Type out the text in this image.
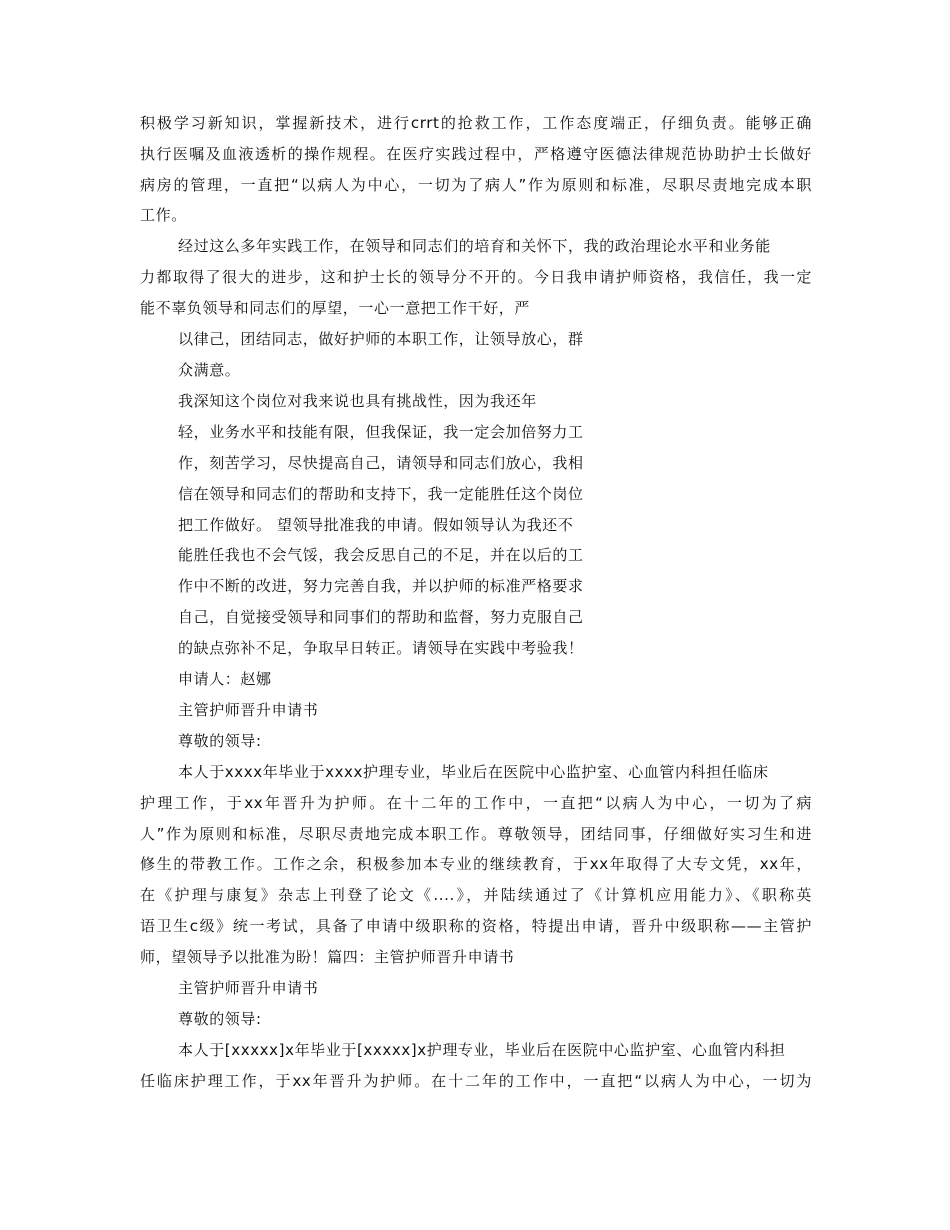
积极学习新知识，掌握新技术，进行crrt的抢救工作，工作态度端正，仔细负责。能够正确
执行医嘱及血液透析的操作规程。在医疗实践过程中，严格遵守医德法律规范协助护士长做好
病房的管理，一直把“以病人为中心，一切为了病人”作为原则和标准，尽职尽责地完成本职
工作。
经过这么多年实践工作，在领导和同志们的培育和关怀下，我的政治理论水平和业务能
力都取得了很大的进步，这和护士长的领导分不开的。今日我申请护师资格，我信任，我一定
能不辜负领导和同志们的厚望，一心一意把工作干好，严
以律己，团结同志，做好护师的本职工作，让领导放心，群
众满意。
我深知这个岗位对我来说也具有挑战性，因为我还年
轻，业务水平和技能有限，但我保证，我一定会加倍努力工
作，刻苦学习，尽快提高自己，请领导和同志们放心，我相
信在领导和同志们的帮助和支持下，我一定能胜任这个岗位
把工作做好。 望领导批准我的申请。假如领导认为我还不
能胜任我也不会气馁，我会反思自己的不足，并在以后的工
作中不断的改进，努力完善自我，并以护师的标准严格要求
自己，自觉接受领导和同事们的帮助和监督，努力克服自己
的缺点弥补不足，争取早日转正。请领导在实践中考验我！
申请人：赵娜
主管护师晋升申请书
尊敬的领导:
本人于xxxx年毕业于xxxx护理专业，毕业后在医院中心监护室、心血管内科担任临床
护理工作，于xx年晋升为护师。在十二年的工作中，一直把“以病人为中心，一切为了病
人”作为原则和标准，尽职尽责地完成本职工作。尊敬领导，团结同事，仔细做好实习生和进
修生的带教工作。工作之余，积极参加本专业的继续教育，于xx年取得了大专文凭，xx年，
在《护理与康复》杂志上刊登了论文《....》，并陆续通过了《计算机应用能力》、《职称英
语卫生c级》统一考试，具备了申请中级职称的资格，特提出申请，晋升中级职称——主管护
师，望领导予以批准为盼！篇四：主管护师晋升申请书
主管护师晋升申请书
尊敬的领导:
本人于[xxxxx]x年毕业于[xxxxx]x护理专业，毕业后在医院中心监护室、心血管内科担
任临床护理工作，于xx年晋升为护师。在十二年的工作中，一直把“以病人为中心，一切为
